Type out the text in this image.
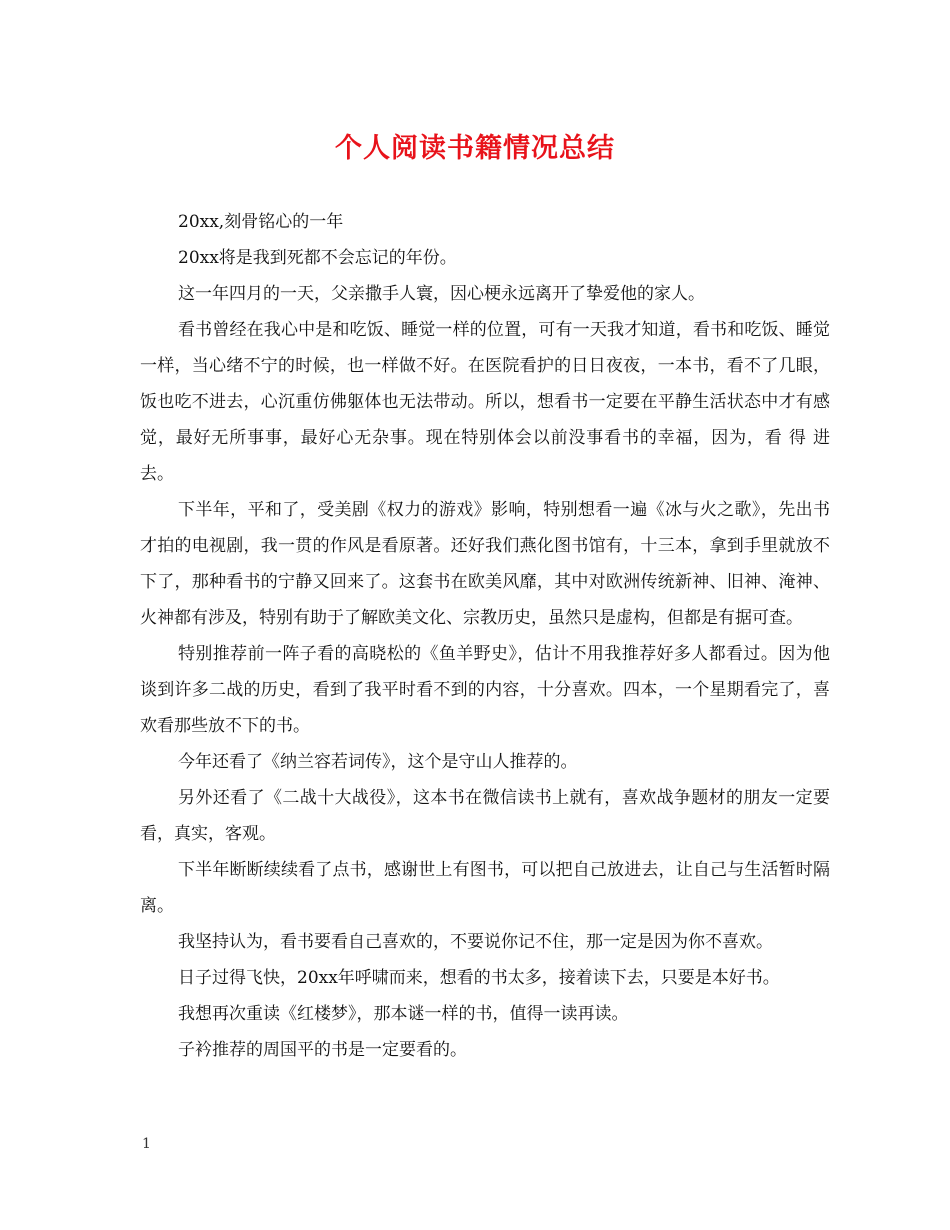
个人阅读书籍情况总结

20xx,刻骨铭心的一年

20xx将是我到死都不会忘记的年份。

这一年四月的一天，父亲撒手人寰，因心梗永远离开了挚爱他的家人。

看书曾经在我心中是和吃饭、睡觉一样的位置，可有一天我才知道，看书和吃饭、睡觉一样，当心绪不宁的时候，也一样做不好。在医院看护的日日夜夜，一本书，看不了几眼，饭也吃不进去，心沉重仿佛躯体也无法带动。所以，想看书一定要在平静生活状态中才有感觉，最好无所事事，最好心无杂事。现在特别体会以前没事看书的幸福，因为，看 得 进 去。

下半年，平和了，受美剧《权力的游戏》影响，特别想看一遍《冰与火之歌》，先出书才拍的电视剧，我一贯的作风是看原著。还好我们燕化图书馆有，十三本，拿到手里就放不下了，那种看书的宁静又回来了。这套书在欧美风靡，其中对欧洲传统新神、旧神、淹神、火神都有涉及，特别有助于了解欧美文化、宗教历史，虽然只是虚构，但都是有据可查。

特别推荐前一阵子看的高晓松的《鱼羊野史》，估计不用我推荐好多人都看过。因为他谈到许多二战的历史，看到了我平时看不到的内容，十分喜欢。四本，一个星期看完了，喜欢看那些放不下的书。

今年还看了《纳兰容若词传》，这个是守山人推荐的。

另外还看了《二战十大战役》，这本书在微信读书上就有，喜欢战争题材的朋友一定要看，真实，客观。

下半年断断续续看了点书，感谢世上有图书，可以把自己放进去，让自己与生活暂时隔离。

我坚持认为，看书要看自己喜欢的，不要说你记不住，那一定是因为你不喜欢。

日子过得飞快，20xx年呼啸而来，想看的书太多，接着读下去，只要是本好书。

我想再次重读《红楼梦》，那本谜一样的书，值得一读再读。

子衿推荐的周国平的书是一定要看的。

1
